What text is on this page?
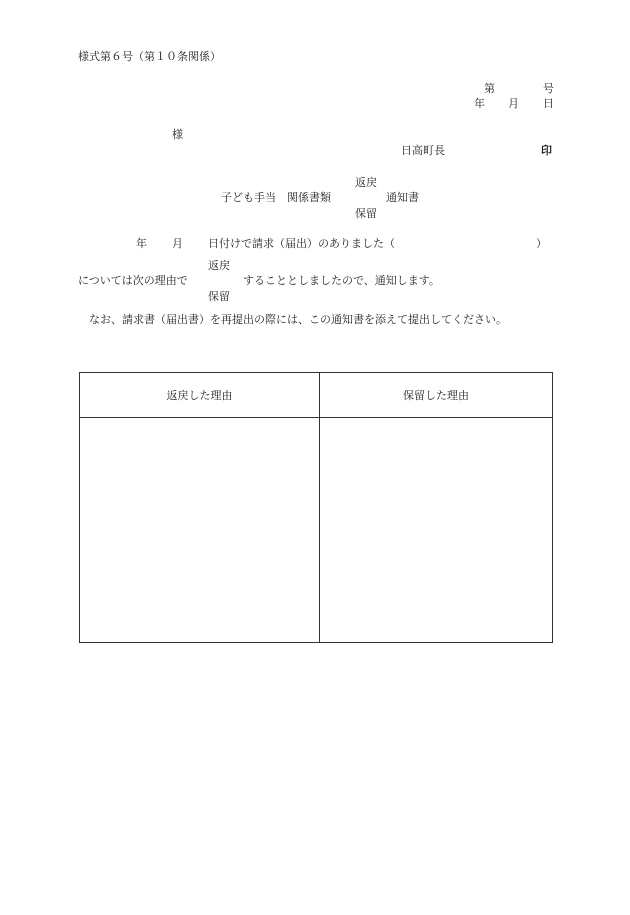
様式第６号（第１０条関係）
第	号
年 月 日
様
日高町長	印
返戻
子ども手当　関係書類	通知書
保留
年 月 日付けで請求（届出）のありました（	）
返戻
については次の理由で	することとしましたので、通知します。
保留
なお、請求書（届出書）を再提出の際には、この通知書を添えて提出してください。
返戻した理由	保留した理由
